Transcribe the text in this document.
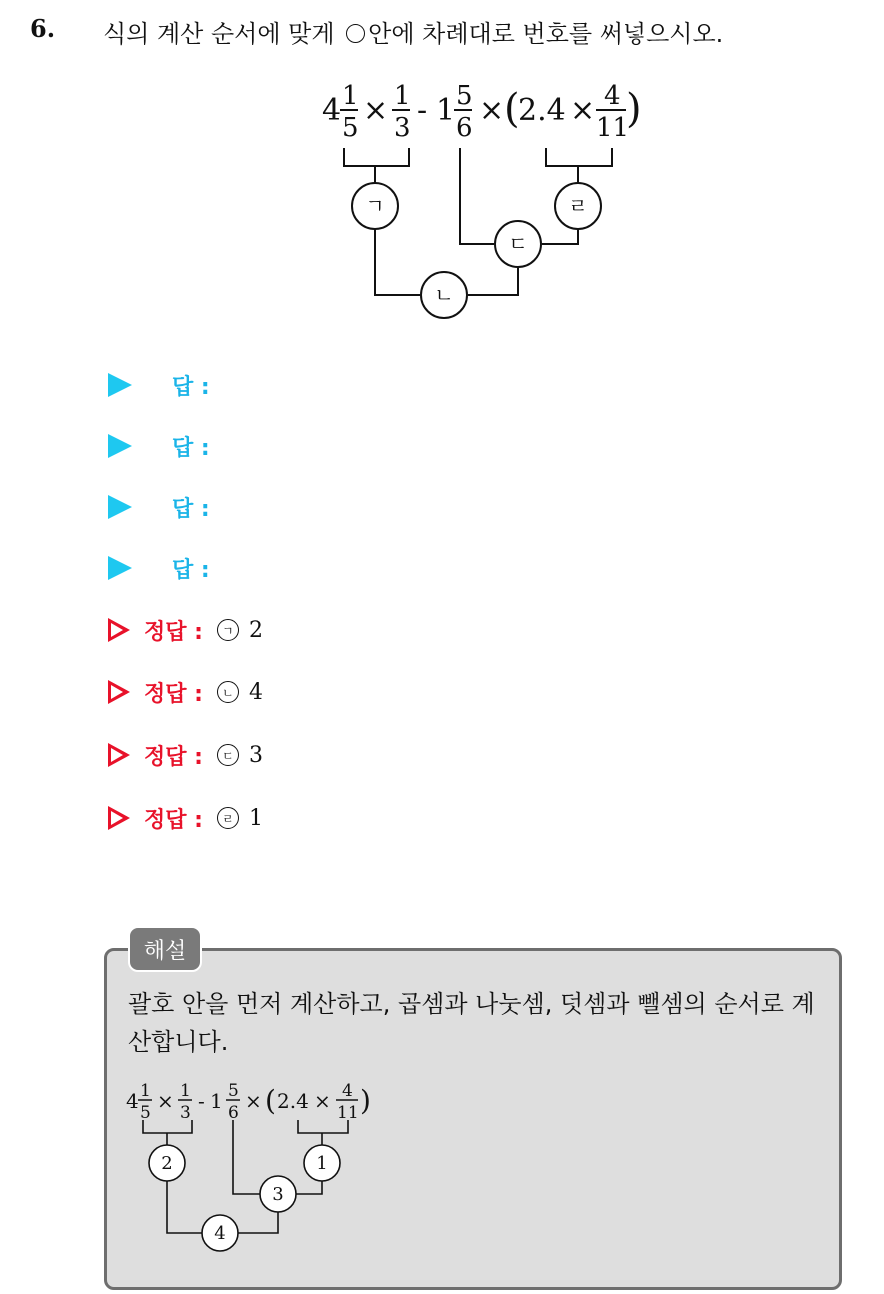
6. 식의 계산 순서에 맞게 안에 차례대로 번호를 써넣으시오.
4 1
5 × 1
3 - 1 5
6 × (
2.4 × 4
11
)
ㄱ	ㄹ
ㄷ
ㄴ
답 :
답 :
답 :
답 :
정답 :	ㄱ 2
정답 :	ㄴ 4
정답 :	ㄷ 3
정답 :	ㄹ 1
해설
괄호 안을 먼저 계산하고, 곱셈과 나눗셈, 덧셈과 뺄셈의 순서로 계산합니다.
4 1
5 × 1
3 - 1 5
6 × ( 2.4 × 4
11 )
2	1
3
4
